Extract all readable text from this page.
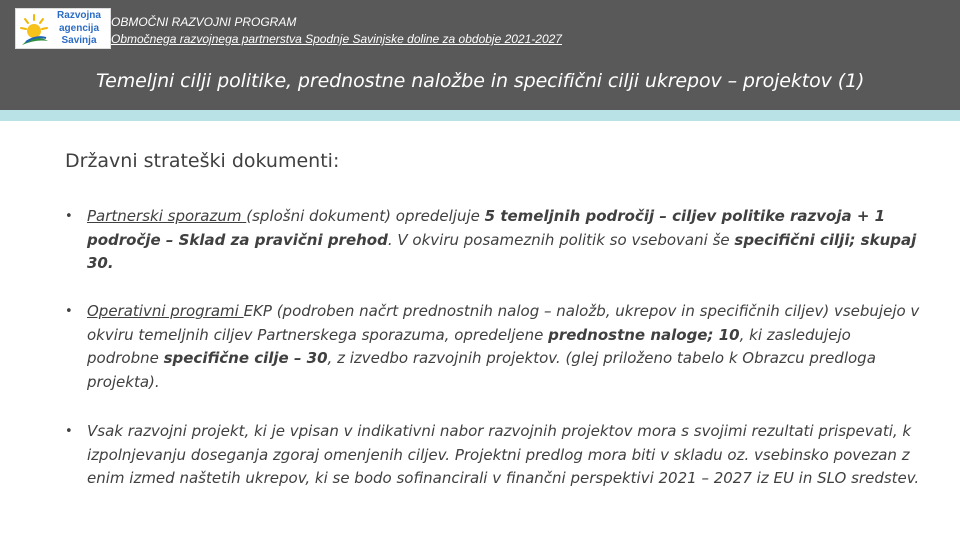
Razvojna
agencija
Savinja
OBMOČNI RAZVOJNI PROGRAM
Območnega razvojnega partnerstva Spodnje Savinjske doline za obdobje 2021-2027
Temeljni cilji politike, prednostne naložbe in specifični cilji ukrepov – projektov (1)
Državni strateški dokumenti:
• Partnerski sporazum (splošni dokument) opredeljuje 5 temeljnih področij – ciljev politike razvoja + 1 področje – Sklad za pravični prehod. V okviru posameznih politik so vsebovani še specifični cilji; skupaj 30.
• Operativni programi EKP (podroben načrt prednostnih nalog – naložb, ukrepov in specifičnih ciljev) vsebujejo v okviru temeljnih ciljev Partnerskega sporazuma, opredeljene prednostne naloge; 10, ki zasledujejo podrobne specifične cilje – 30, z izvedbo razvojnih projektov. (glej priloženo tabelo k Obrazcu predloga projekta).
• Vsak razvojni projekt, ki je vpisan v indikativni nabor razvojnih projektov mora s svojimi rezultati prispevati, k izpolnjevanju doseganja zgoraj omenjenih ciljev. Projektni predlog mora biti v skladu oz. vsebinsko povezan z enim izmed naštetih ukrepov, ki se bodo sofinancirali v finančni perspektivi 2021 – 2027 iz EU in SLO sredstev.
